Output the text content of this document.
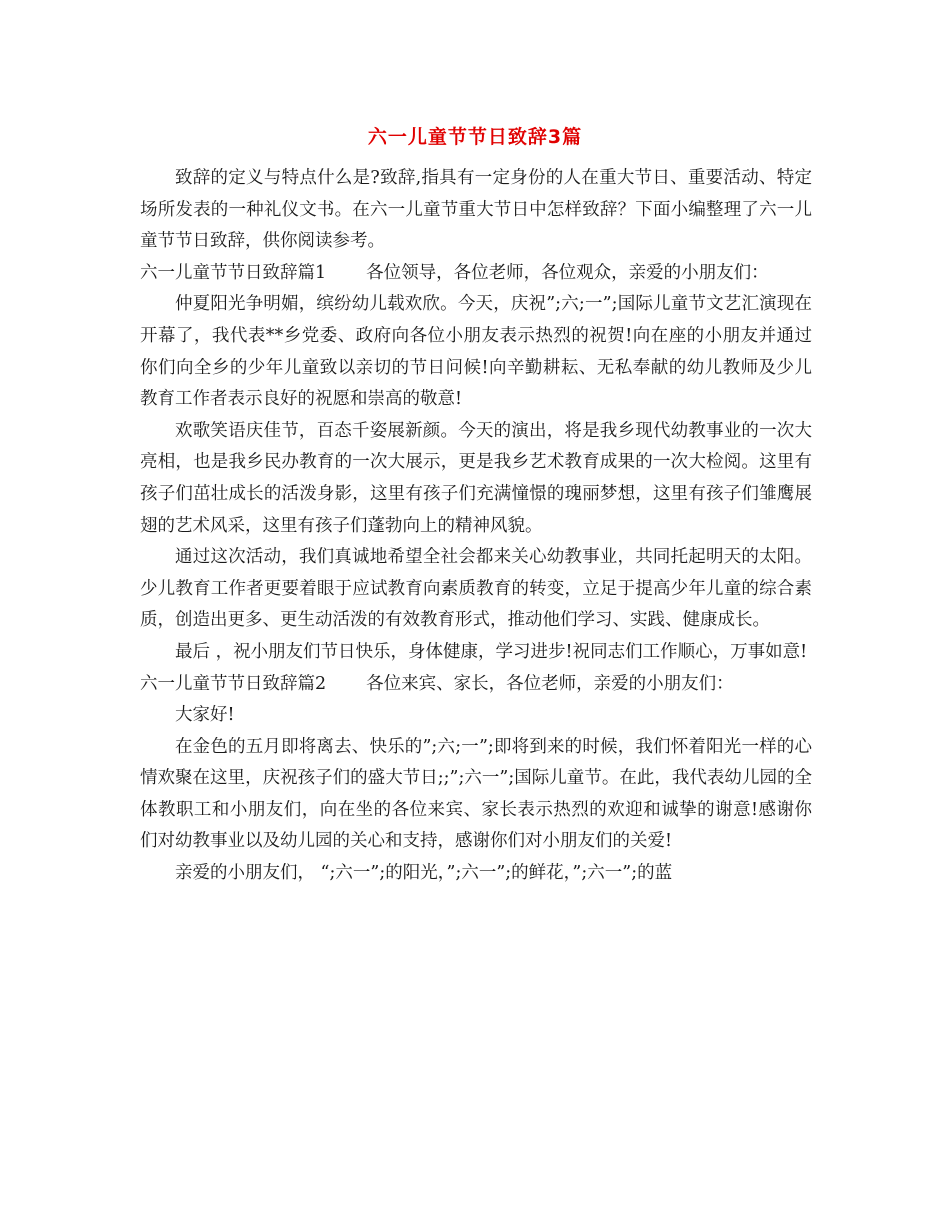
六一儿童节节日致辞3篇

致辞的定义与特点什么是?致辞,指具有一定身份的人在重大节日、重要活动、特定场所发表的一种礼仪文书。在六一儿童节重大节日中怎样致辞？下面小编整理了六一儿童节节日致辞，供你阅读参考。

六一儿童节节日致辞篇1 各位领导，各位老师，各位观众，亲爱的小朋友们：

仲夏阳光争明媚，缤纷幼儿载欢欣。今天，庆祝”;六;一”;国际儿童节文艺汇演现在开幕了，我代表**乡党委、政府向各位小朋友表示热烈的祝贺!向在座的小朋友并通过你们向全乡的少年儿童致以亲切的节日问候!向辛勤耕耘、无私奉献的幼儿教师及少儿教育工作者表示良好的祝愿和崇高的敬意!

欢歌笑语庆佳节，百态千姿展新颜。今天的演出，将是我乡现代幼教事业的一次大亮相，也是我乡民办教育的一次大展示，更是我乡艺术教育成果的一次大检阅。这里有孩子们茁壮成长的活泼身影，这里有孩子们充满憧憬的瑰丽梦想，这里有孩子们雏鹰展翅的艺术风采，这里有孩子们蓬勃向上的精神风貌。

通过这次活动，我们真诚地希望全社会都来关心幼教事业，共同托起明天的太阳。少儿教育工作者更要着眼于应试教育向素质教育的转变，立足于提高少年儿童的综合素质，创造出更多、更生动活泼的有效教育形式，推动他们学习、实践、健康成长。

最后 ，祝小朋友们节日快乐，身体健康，学习进步!祝同志们工作顺心，万事如意!

六一儿童节节日致辞篇2 各位来宾、家长，各位老师，亲爱的小朋友们：

大家好!

在金色的五月即将离去、快乐的”;六;一”;即将到来的时候，我们怀着阳光一样的心情欢聚在这里，庆祝孩子们的盛大节日;;”;六一”;国际儿童节。在此，我代表幼儿园的全体教职工和小朋友们，向在坐的各位来宾、家长表示热烈的欢迎和诚挚的谢意!感谢你们对幼教事业以及幼儿园的关心和支持，感谢你们对小朋友们的关爱!

亲爱的小朋友们， “;六一”;的阳光，”;六一”;的鲜花，”;六一”;的蓝
